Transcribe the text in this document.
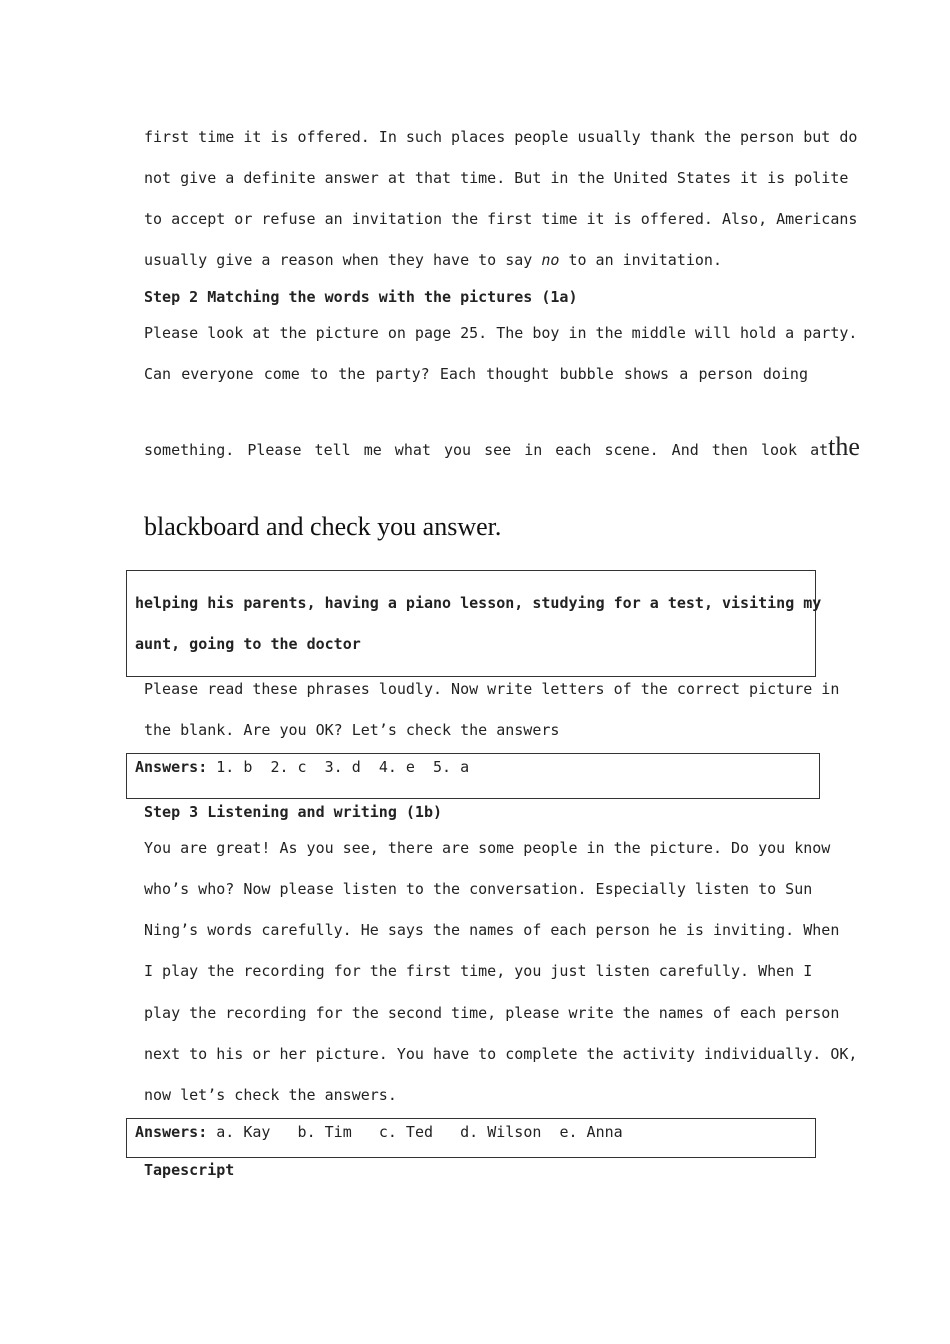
first time it is offered. In such places people usually thank the person but do
not give a definite answer at that time. But in the United States it is polite
to accept or refuse an invitation the first time it is offered. Also, Americans
usually give a reason when they have to say no to an invitation.
Step 2 Matching the words with the pictures (1a)
Please look at the picture on page 25. The boy in the middle will hold a party.
Can everyone come to the party? Each thought bubble shows a person doing
something. Please tell me what you see in each scene. And then look at the
blackboard and check you answer.
helping his parents, having a piano lesson, studying for a test, visiting my
aunt, going to the doctor
Please read these phrases loudly. Now write letters of the correct picture in
the blank. Are you OK? Let’s check the answers
Answers: 1. b  2. c  3. d  4. e  5. a
Step 3 Listening and writing (1b)
You are great! As you see, there are some people in the picture. Do you know
who’s who? Now please listen to the conversation. Especially listen to Sun
Ning’s words carefully. He says the names of each person he is inviting. When
I play the recording for the first time, you just listen carefully. When I
play the recording for the second time, please write the names of each person
next to his or her picture. You have to complete the activity individually. OK,
now let’s check the answers.
Answers: a. Kay   b. Tim   c. Ted   d. Wilson  e. Anna
Tapescript
